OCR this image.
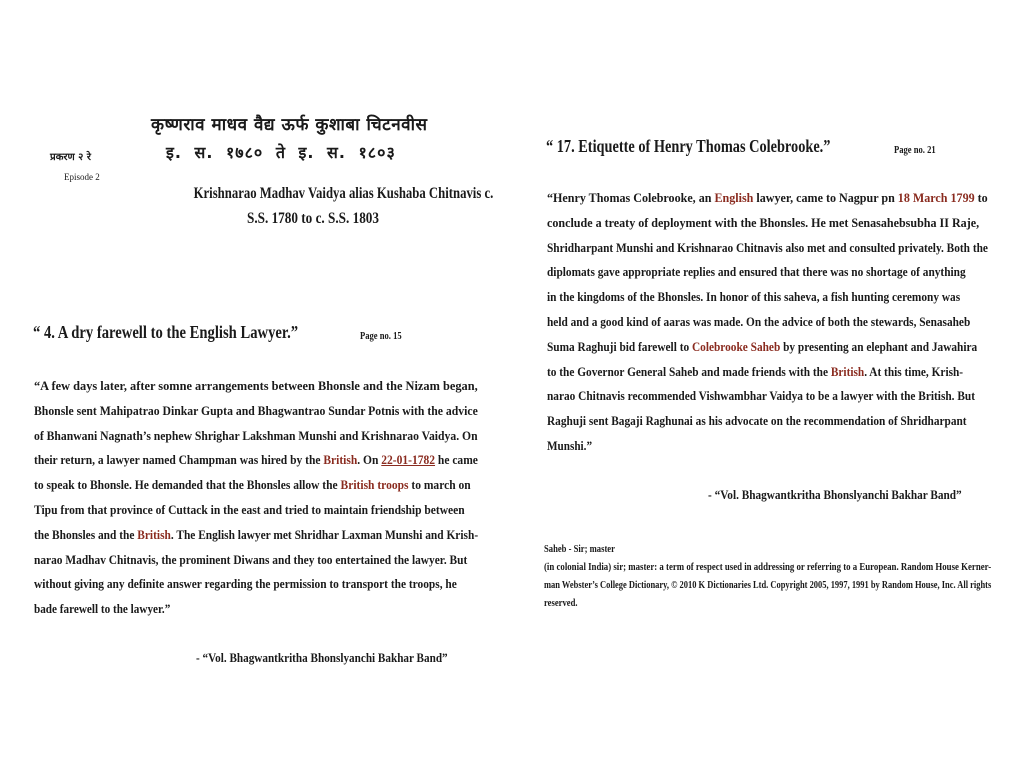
कृष्णराव माधव वैद्य ऊर्फ कुशाबा चिटनवीस
इ. स. १७८० ते इ. स. १८०३
प्रकरण २ रे
Episode 2
Krishnarao Madhav Vaidya alias Kushaba Chitnavis c. S.S. 1780 to c. S.S. 1803
“ 4. A dry farewell to the English Lawyer.”	Page no. 15
“A few days later, after somne arrangements between Bhonsle and the Nizam began,
Bhonsle sent Mahipatrao Dinkar Gupta and Bhagwantrao Sundar Potnis with the advice
of Bhanwani Nagnath’s nephew Shrighar Lakshman Munshi and Krishnarao Vaidya. On
their return, a lawyer named Champman was hired by the British. On 22-01-1782 he came
to speak to Bhonsle. He demanded that the Bhonsles allow the British troops to march on
Tipu from that province of Cuttack in the east and tried to maintain friendship between
the Bhonsles and the British. The English lawyer met Shridhar Laxman Munshi and Krish-
narao Madhav Chitnavis, the prominent Diwans and they too entertained the lawyer. But
without giving any definite answer regarding the permission to transport the troops, he
bade farewell to the lawyer.”
- “Vol. Bhagwantkritha Bhonslyanchi Bakhar Band”
“ 17. Etiquette of Henry Thomas Colebrooke.”	Page no. 21
“Henry Thomas Colebrooke, an English lawyer, came to Nagpur pn 18 March 1799 to
conclude a treaty of deployment with the Bhonsles. He met Senasahebsubha II Raje,
Shridharpant Munshi and Krishnarao Chitnavis also met and consulted privately. Both the
diplomats gave appropriate replies and ensured that there was no shortage of anything
in the kingdoms of the Bhonsles. In honor of this saheva, a fish hunting ceremony was
held and a good kind of aaras was made. On the advice of both the stewards, Senasaheb
Suma Raghuji bid farewell to Colebrooke Saheb by presenting an elephant and Jawahira
to the Governor General Saheb and made friends with the British. At this time, Krish-
narao Chitnavis recommended Vishwambhar Vaidya to be a lawyer with the British. But
Raghuji sent Bagaji Raghunai as his advocate on the recommendation of Shridharpant
Munshi.”
- “Vol. Bhagwantkritha Bhonslyanchi Bakhar Band”
Saheb - Sir; master
(in colonial India) sir; master: a term of respect used in addressing or referring to a European. Random House Kerner-
man Webster’s College Dictionary, © 2010 K Dictionaries Ltd. Copyright 2005, 1997, 1991 by Random House, Inc. All rights
reserved.
